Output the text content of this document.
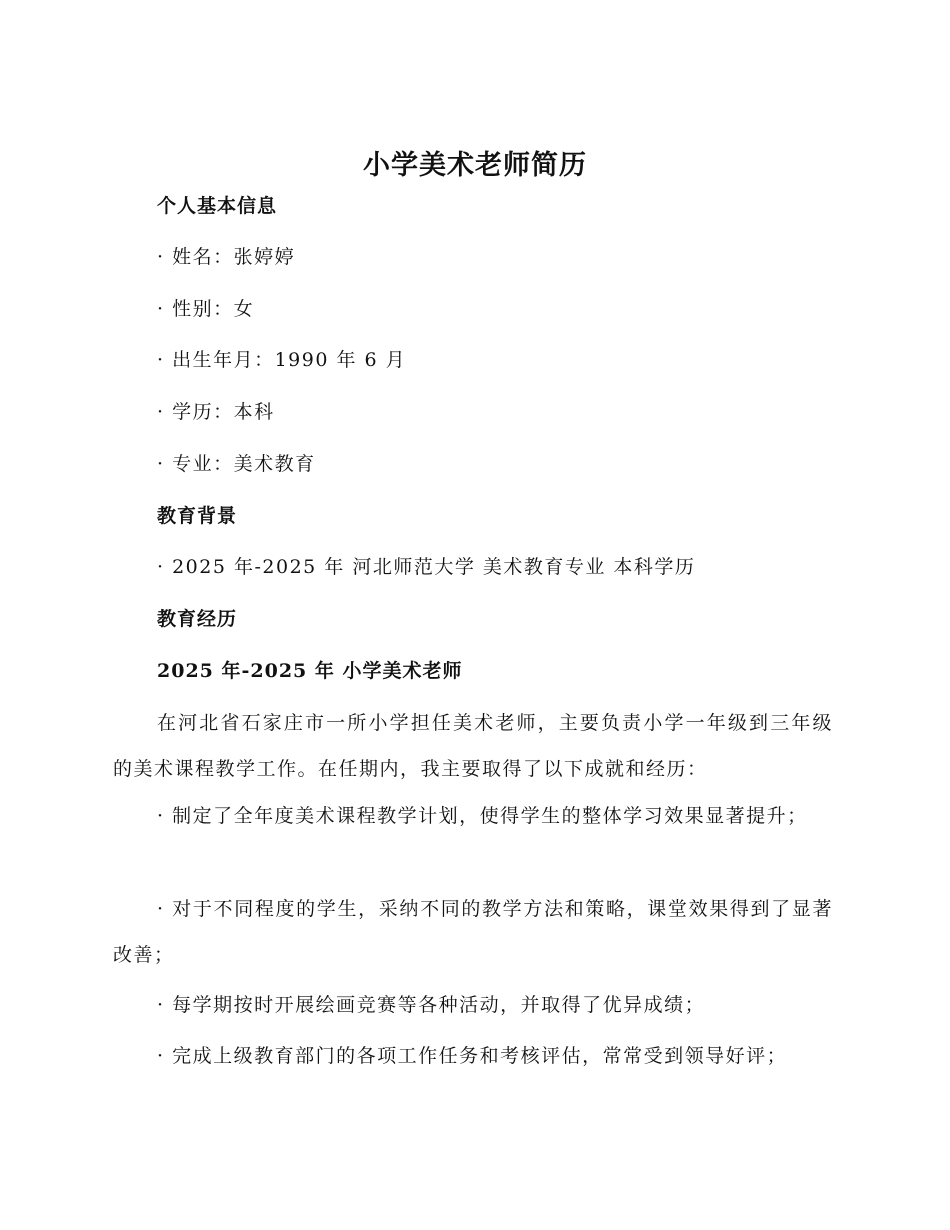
小学美术老师简历
个人基本信息

· 姓名：张婷婷

· 性别：女

· 出生年月：1990 年 6 月

· 学历：本科

· 专业：美术教育

教育背景

· 2025 年-2025 年 河北师范大学 美术教育专业 本科学历

教育经历
2025 年-2025 年 小学美术老师

在河北省石家庄市一所小学担任美术老师，主要负责小学一年级到三年级的美术课程教学工作。在任期内，我主要取得了以下成就和经历：

· 制定了全年度美术课程教学计划，使得学生的整体学习效果显著提升；

· 对于不同程度的学生，采纳不同的教学方法和策略，课堂效果得到了显著改善；

· 每学期按时开展绘画竞赛等各种活动，并取得了优异成绩；

· 完成上级教育部门的各项工作任务和考核评估，常常受到领导好评；
